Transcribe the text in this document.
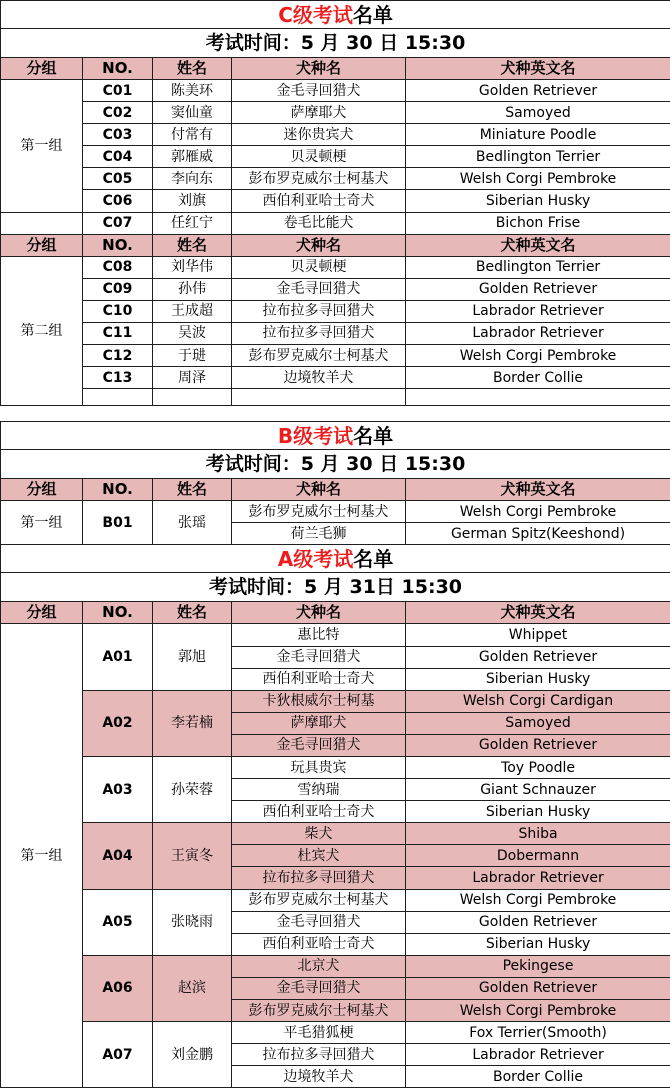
C级考试名单				
考试时间：5 月 30 日 15:30				
分组	NO.	姓名	犬种名	犬种英文名
第一组	C01	陈美环	金毛寻回猎犬	Golden Retriever
	C02	窦仙童	萨摩耶犬	Samoyed
	C03	付常有	迷你贵宾犬	Miniature Poodle
	C04	郭雁威	贝灵顿梗	Bedlington Terrier
	C05	李向东	彭布罗克威尔士柯基犬	Welsh Corgi Pembroke
	C06	刘旗	西伯利亚哈士奇犬	Siberian Husky
	C07	任红宁	卷毛比能犬	Bichon Frise
分组	NO.	姓名	犬种名	犬种英文名
第二组	C08	刘华伟	贝灵顿梗	Bedlington Terrier
	C09	孙伟	金毛寻回猎犬	Golden Retriever
	C10	王成超	拉布拉多寻回猎犬	Labrador Retriever
	C11	吴波	拉布拉多寻回猎犬	Labrador Retriever
	C12	于琎	彭布罗克威尔士柯基犬	Welsh Corgi Pembroke
	C13	周泽	边境牧羊犬	Border Collie

B级考试名单				
考试时间：5 月 30 日 15:30				
分组	NO.	姓名	犬种名	犬种英文名
第一组	B01	张瑶	彭布罗克威尔士柯基犬	Welsh Corgi Pembroke
			荷兰毛狮	German Spitz(Keeshond)
A级考试名单				
考试时间：5 月 31日 15:30				
分组	NO.	姓名	犬种名	犬种英文名
第一组	A01	郭旭	惠比特	Whippet
			金毛寻回猎犬	Golden Retriever
			西伯利亚哈士奇犬	Siberian Husky
	A02	李若楠	卡狄根威尔士柯基	Welsh Corgi Cardigan
			萨摩耶犬	Samoyed
			金毛寻回猎犬	Golden Retriever
	A03	孙荣蓉	玩具贵宾	Toy Poodle
			雪纳瑞	Giant Schnauzer
			西伯利亚哈士奇犬	Siberian Husky
	A04	王寅冬	柴犬	Shiba
			杜宾犬	Dobermann
			拉布拉多寻回猎犬	Labrador Retriever
	A05	张晓雨	彭布罗克威尔士柯基犬	Welsh Corgi Pembroke
			金毛寻回猎犬	Golden Retriever
			西伯利亚哈士奇犬	Siberian Husky
	A06	赵滨	北京犬	Pekingese
			金毛寻回猎犬	Golden Retriever
			彭布罗克威尔士柯基犬	Welsh Corgi Pembroke
	A07	刘金鹏	平毛猎狐梗	Fox Terrier(Smooth)
			拉布拉多寻回猎犬	Labrador Retriever
			边境牧羊犬	Border Collie
